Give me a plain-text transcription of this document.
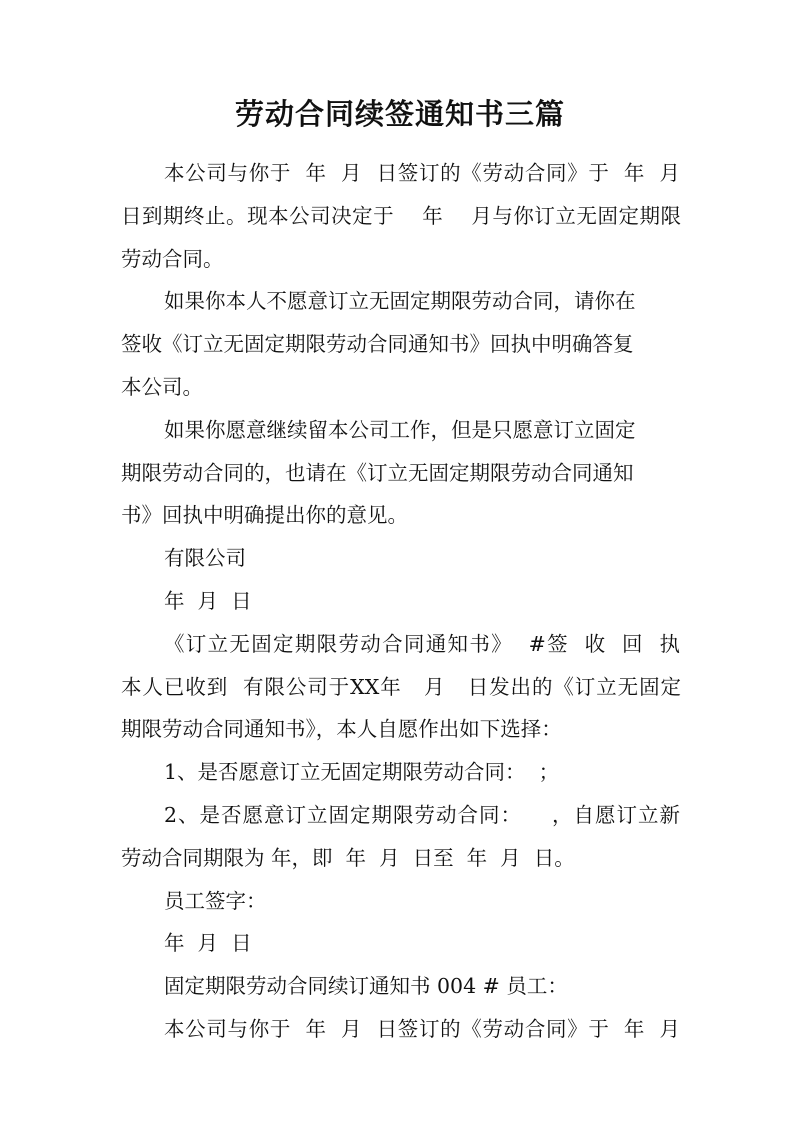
劳动合同续签通知书三篇

本公司与你于  年  月  日签订的《劳动合同》于  年  月

日到期终止。现本公司决定于    年    月与你订立无固定期限

劳动合同。

如果你本人不愿意订立无固定期限劳动合同，请你在

签收《订立无固定期限劳动合同通知书》回执中明确答复

本公司。

如果你愿意继续留本公司工作，但是只愿意订立固定

期限劳动合同的，也请在《订立无固定期限劳动合同通知

书》回执中明确提出你的意见。

有限公司

年  月  日

《订立无固定期限劳动合同通知书》  #签  收  回  执

本人已收到  有限公司于XX年   月   日发出的《订立无固定

期限劳动合同通知书》，本人自愿作出如下选择：

1、是否愿意订立无固定期限劳动合同：  ；

2、是否愿意订立固定期限劳动合同：    ，自愿订立新

劳动合同期限为 年，即  年  月  日至  年  月  日。

员工签字：

年  月  日

固定期限劳动合同续订通知书 004 # 员工：

本公司与你于  年  月  日签订的《劳动合同》于  年  月
